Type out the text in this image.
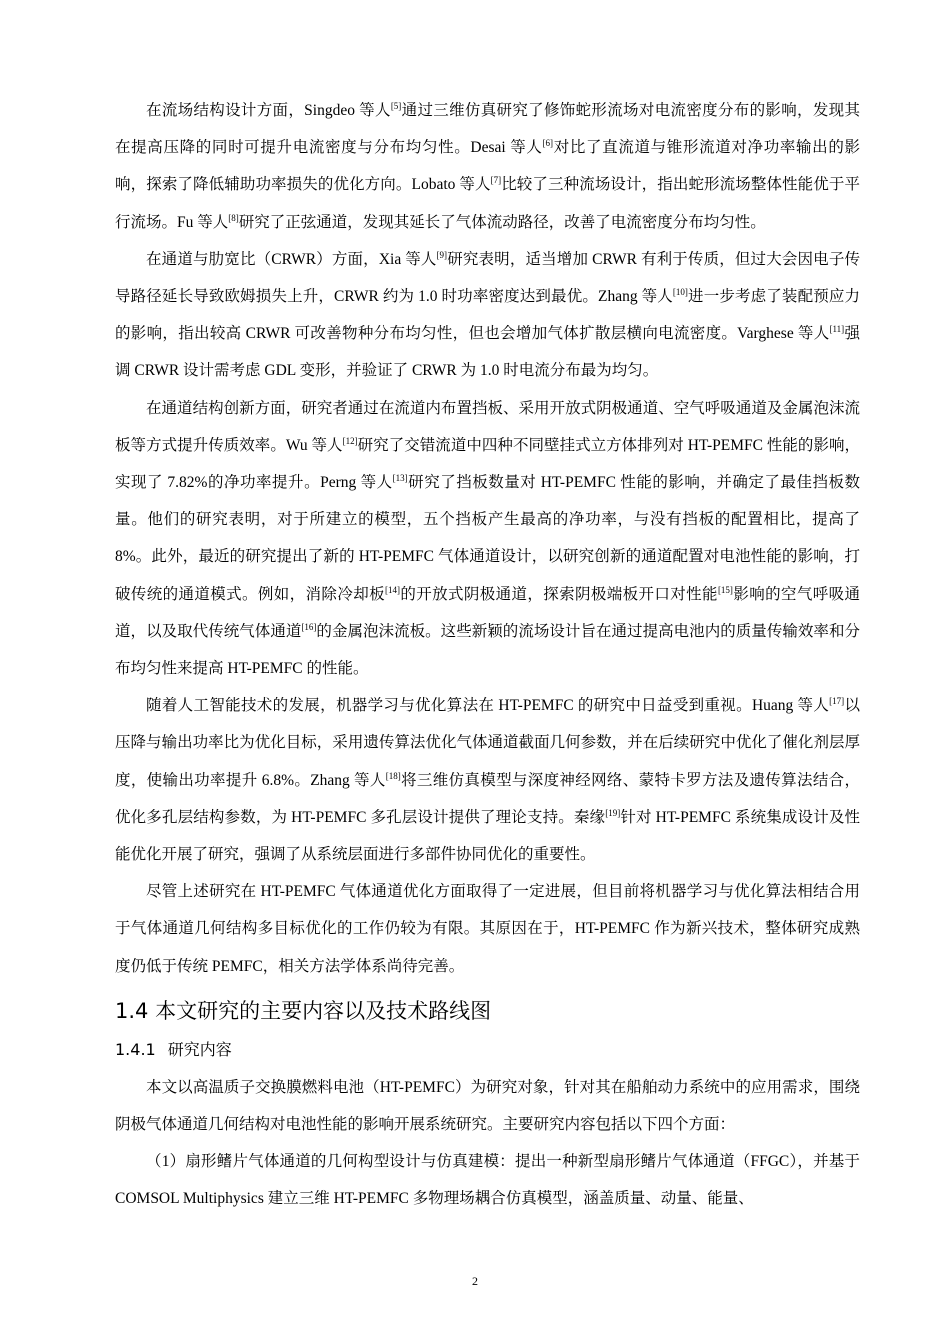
在流场结构设计方面，Singdeo 等人[5]通过三维仿真研究了修饰蛇形流场对电流密度分布的影响，发现其在提高压降的同时可提升电流密度与分布均匀性。Desai 等人[6]对比了直流道与锥形流道对净功率输出的影响，探索了降低辅助功率损失的优化方向。Lobato 等人[7]比较了三种流场设计，指出蛇形流场整体性能优于平行流场。Fu 等人[8]研究了正弦通道，发现其延长了气体流动路径，改善了电流密度分布均匀性。

在通道与肋宽比（CRWR）方面，Xia 等人[9]研究表明，适当增加 CRWR 有利于传质，但过大会因电子传导路径延长导致欧姆损失上升，CRWR 约为 1.0 时功率密度达到最优。Zhang 等人[10]进一步考虑了装配预应力的影响，指出较高 CRWR 可改善物种分布均匀性，但也会增加气体扩散层横向电流密度。Varghese 等人[11]强调 CRWR 设计需考虑 GDL 变形，并验证了 CRWR 为 1.0 时电流分布最为均匀。

在通道结构创新方面，研究者通过在流道内布置挡板、采用开放式阴极通道、空气呼吸通道及金属泡沫流板等方式提升传质效率。Wu 等人[12]研究了交错流道中四种不同壁挂式立方体排列对 HT-PEMFC 性能的影响，实现了 7.82%的净功率提升。Perng 等人[13]研究了挡板数量对 HT-PEMFC 性能的影响，并确定了最佳挡板数量。他们的研究表明，对于所建立的模型，五个挡板产生最高的净功率，与没有挡板的配置相比，提高了 8%。此外，最近的研究提出了新的 HT-PEMFC 气体通道设计，以研究创新的通道配置对电池性能的影响，打破传统的通道模式。例如，消除冷却板[14]的开放式阴极通道，探索阴极端板开口对性能[15]影响的空气呼吸通道，以及取代传统气体通道[16]的金属泡沫流板。这些新颖的流场设计旨在通过提高电池内的质量传输效率和分布均匀性来提高 HT-PEMFC 的性能。

随着人工智能技术的发展，机器学习与优化算法在 HT-PEMFC 的研究中日益受到重视。Huang 等人[17]以压降与输出功率比为优化目标，采用遗传算法优化气体通道截面几何参数，并在后续研究中优化了催化剂层厚度，使输出功率提升 6.8%。Zhang 等人[18]将三维仿真模型与深度神经网络、蒙特卡罗方法及遗传算法结合，优化多孔层结构参数，为 HT-PEMFC 多孔层设计提供了理论支持。秦缘[19]针对 HT-PEMFC 系统集成设计及性能优化开展了研究，强调了从系统层面进行多部件协同优化的重要性。

尽管上述研究在 HT-PEMFC 气体通道优化方面取得了一定进展，但目前将机器学习与优化算法相结合用于气体通道几何结构多目标优化的工作仍较为有限。其原因在于，HT-PEMFC 作为新兴技术，整体研究成熟度仍低于传统 PEMFC，相关方法学体系尚待完善。

1.4 本文研究的主要内容以及技术路线图
1.4.1 研究内容

本文以高温质子交换膜燃料电池（HT-PEMFC）为研究对象，针对其在船舶动力系统中的应用需求，围绕阴极气体通道几何结构对电池性能的影响开展系统研究。主要研究内容包括以下四个方面：

（1）扇形鳍片气体通道的几何构型设计与仿真建模：提出一种新型扇形鳍片气体通道（FFGC），并基于 COMSOL Multiphysics 建立三维 HT-PEMFC 多物理场耦合仿真模型，涵盖质量、动量、能量、

2
